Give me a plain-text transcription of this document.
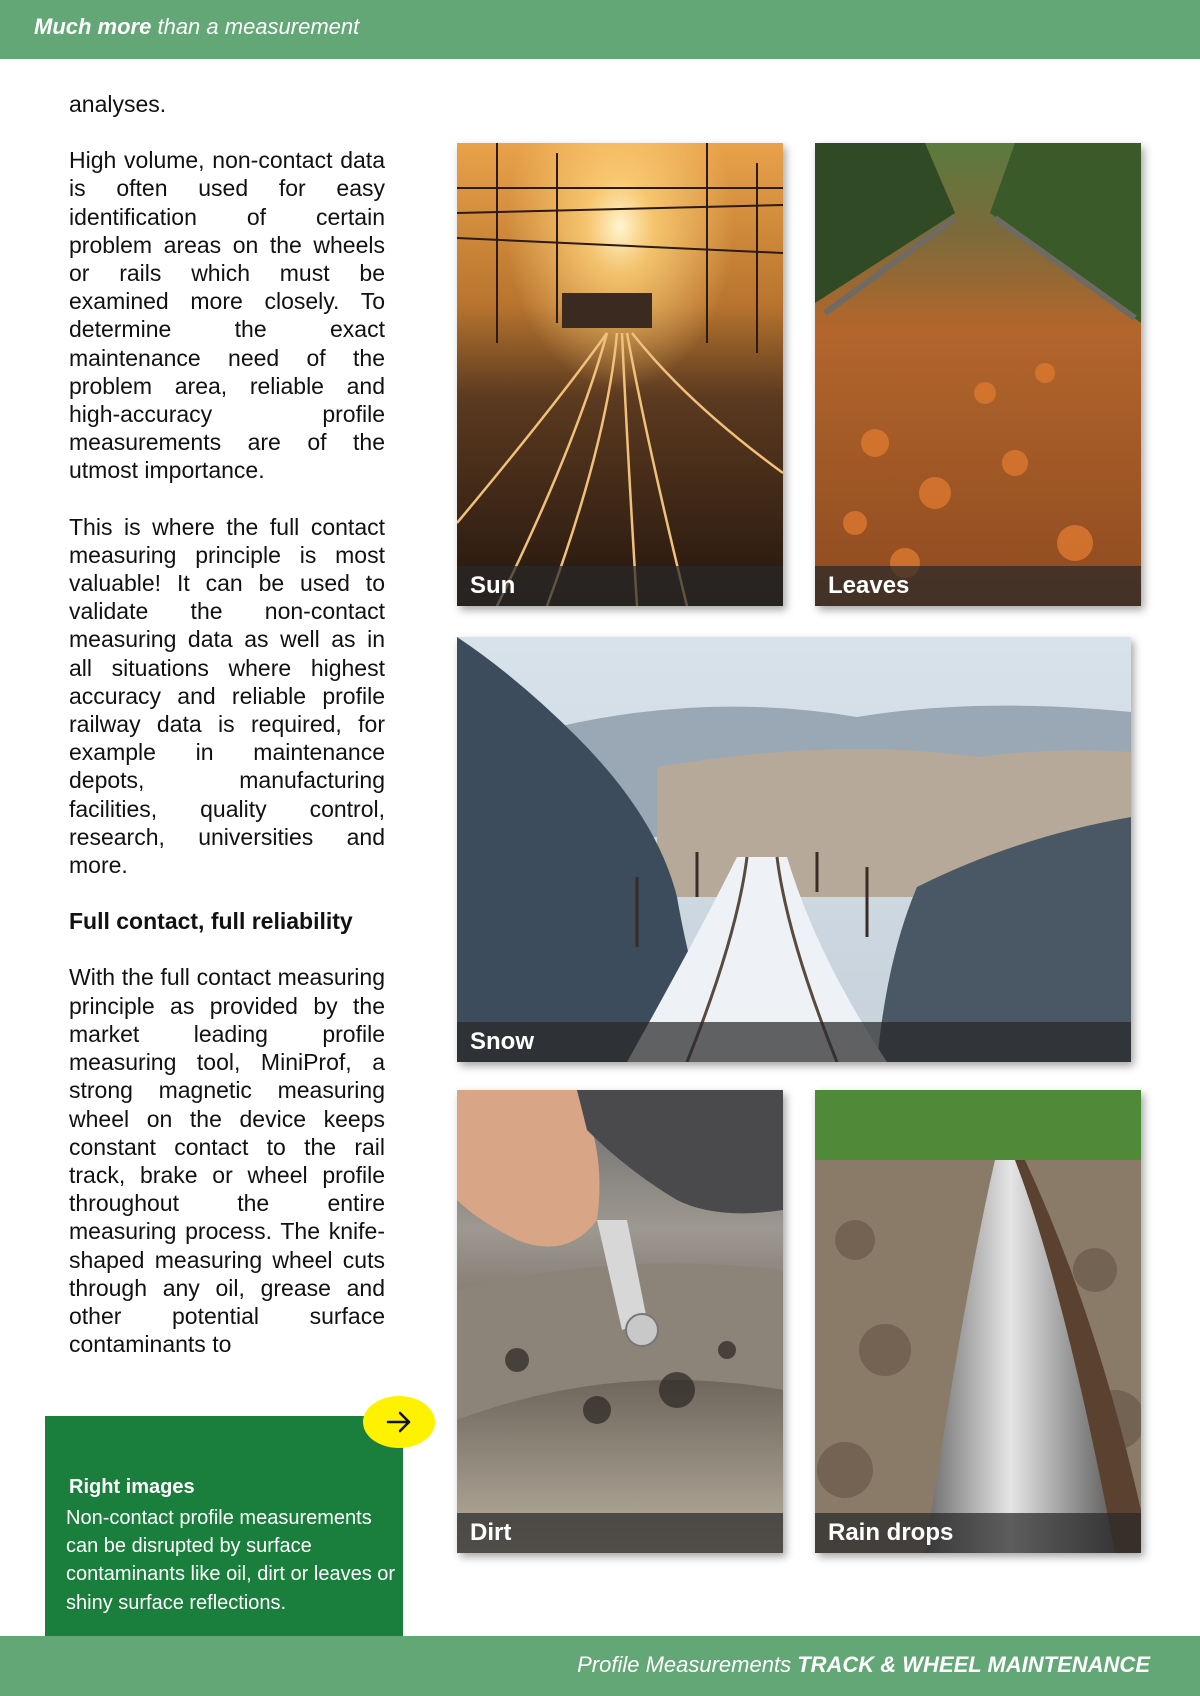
Much more than a measurement

analyses.

High volume, non-contact data is often used for easy identification of certain problem areas on the wheels or rails which must be examined more closely. To determine the exact maintenance need of the problem area, reliable and high-accuracy profile measurements are of the utmost importance.

This is where the full contact measuring principle is most valuable! It can be used to validate the non-contact measuring data as well as in all situations where highest accuracy and reliable profile railway data is required, for example in maintenance depots, manufacturing facilities, quality control, research, universities and more.

Full contact, full reliability

With the full contact measuring principle as provided by the market leading profile measuring tool, MiniProf, a strong magnetic measuring wheel on the device keeps constant contact to the rail track, brake or wheel profile throughout the entire measuring process. The knife-shaped measuring wheel cuts through any oil, grease and other potential surface contaminants to

Sun	Leaves
Snow
Dirt	Rain drops
Right images
Non-contact profile measurements can be disrupted by surface contaminants like oil, dirt or leaves or shiny surface reflections.
Profile Measurements TRACK & WHEEL MAINTENANCE
